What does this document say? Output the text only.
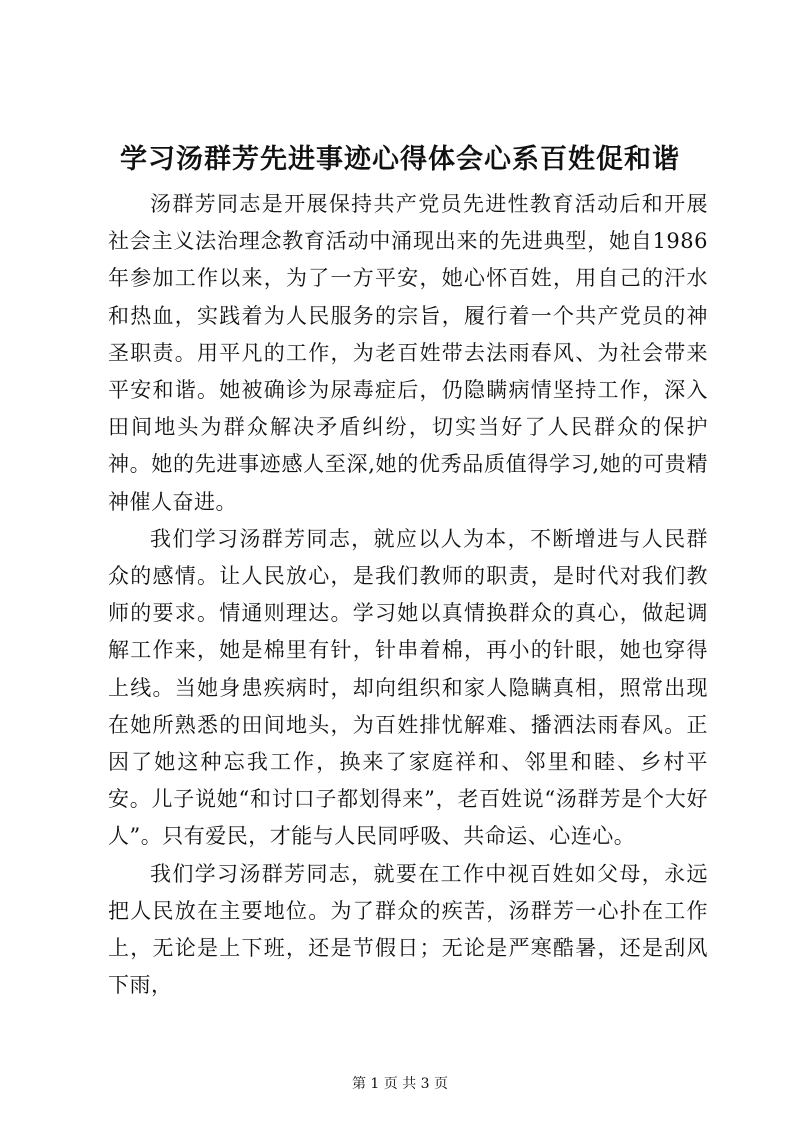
学习汤群芳先进事迹心得体会心系百姓促和谐

汤群芳同志是开展保持共产党员先进性教育活动后和开展社会主义法治理念教育活动中涌现出来的先进典型，她自1986年参加工作以来，为了一方平安，她心怀百姓，用自己的汗水和热血，实践着为人民服务的宗旨，履行着一个共产党员的神圣职责。用平凡的工作，为老百姓带去法雨春风、为社会带来平安和谐。她被确诊为尿毒症后，仍隐瞒病情坚持工作，深入田间地头为群众解决矛盾纠纷，切实当好了人民群众的保护神。她的先进事迹感人至深,她的优秀品质值得学习,她的可贵精神催人奋进。

我们学习汤群芳同志，就应以人为本，不断增进与人民群众的感情。让人民放心，是我们教师的职责，是时代对我们教师的要求。情通则理达。学习她以真情换群众的真心，做起调解工作来，她是棉里有针，针串着棉，再小的针眼，她也穿得上线。当她身患疾病时，却向组织和家人隐瞒真相，照常出现在她所熟悉的田间地头，为百姓排忧解难、播洒法雨春风。正因了她这种忘我工作，换来了家庭祥和、邻里和睦、乡村平安。儿子说她“和讨口子都划得来”，老百姓说“汤群芳是个大好人”。只有爱民，才能与人民同呼吸、共命运、心连心。

我们学习汤群芳同志，就要在工作中视百姓如父母，永远把人民放在主要地位。为了群众的疾苦，汤群芳一心扑在工作上，无论是上下班，还是节假日；无论是严寒酷暑，还是刮风下雨，

第 1 页 共 3 页
